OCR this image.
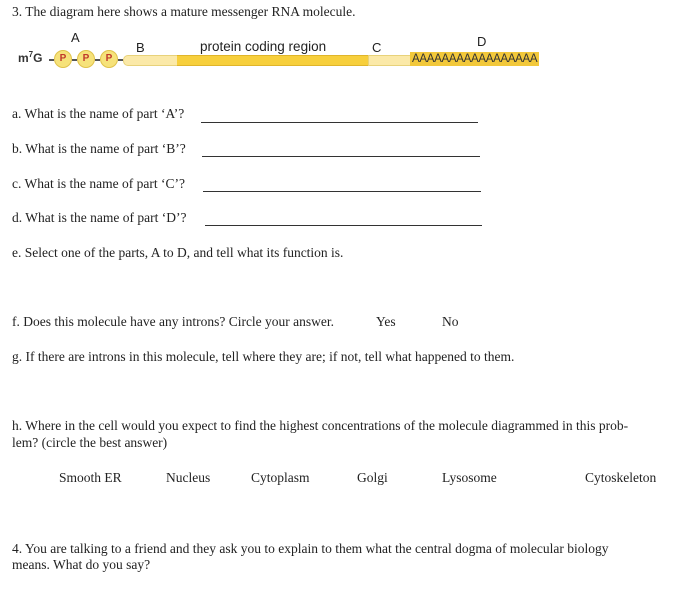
3. The diagram here shows a mature messenger RNA molecule.
$m^7G$	P	P	P
A
B	protein coding region	C	D
AAAAAAAAAAAAAAAAA
a. What is the name of part ‘A’?
b. What is the name of part ‘B’?
c. What is the name of part ‘C’?
d. What is the name of part ‘D’?
e. Select one of the parts, A to D, and tell what its function is.
f. Does this molecule have any introns? Circle your answer.	Yes	No
g. If there are introns in this molecule, tell where they are; if not, tell what happened to them.
h. Where in the cell would you expect to find the highest concentrations of the molecule diagrammed in this prob-
lem? (circle the best answer)
Smooth ER	Nucleus	Cytoplasm	Golgi	Lysosome	Cytoskeleton
4. You are talking to a friend and they ask you to explain to them what the central dogma of molecular biology
means. What do you say?
